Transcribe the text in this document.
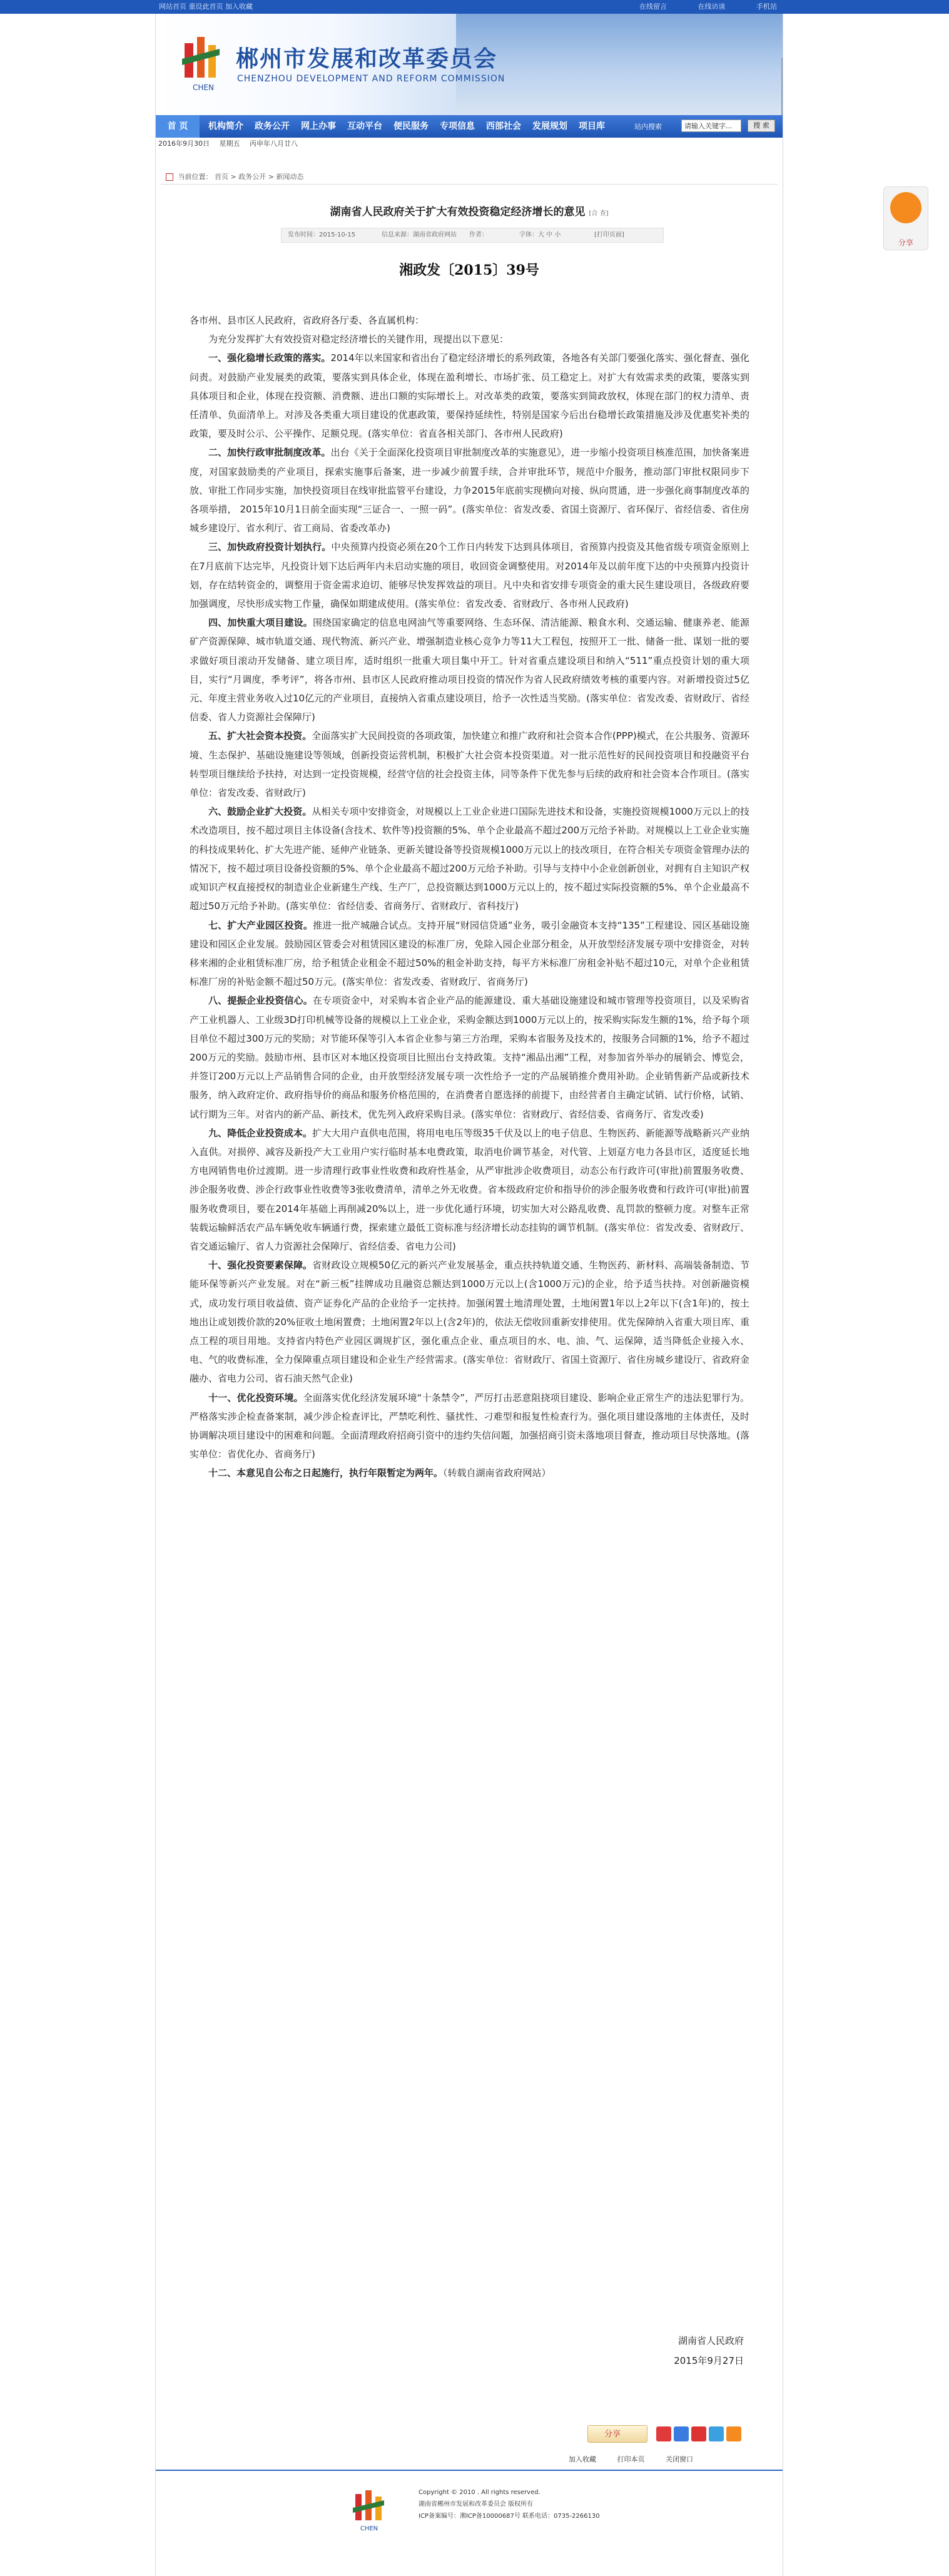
网站首页 重设此首页 加入收藏	在线留言	在线访谈	手机站
分享
CHEN
郴州市发展和改革委员会
CHENZHOU DEVELOPMENT AND REFORM COMMISSION
首 页	机构简介 政务公开 网上办事 互动平台 便民服务 专项信息 西部社会 发展规划 项目库	站内搜索	请输入关键字...	搜 索
2016年9月30日 星期五 丙申年八月廿八
当前位置： 首页 > 政务公开 > 新闻动态
湖南省人民政府关于扩大有效投资稳定经济增长的意见 [合 查]
发布时间：2015-10-15	信息来源：湖南省政府网站 作者：	字体：大 中 小	[打印页面]
湘政发〔2015〕39号

各市州、县市区人民政府，省政府各厅委、各直属机构：

为充分发挥扩大有效投资对稳定经济增长的关键作用，现提出以下意见：

一、强化稳增长政策的落实。2014年以来国家和省出台了稳定经济增长的系列政策，各地各有关部门要强化落实、强化督查、强化问责。对鼓励产业发展类的政策，要落实到具体企业，体现在盈利增长、市场扩张、员工稳定上。对扩大有效需求类的政策，要落实到具体项目和企业，体现在投资额、消费额、进出口额的实际增长上。对改革类的政策，要落实到简政放权，体现在部门的权力清单、责任清单、负面清单上。对涉及各类重大项目建设的优惠政策，要保持延续性，特别是国家今后出台稳增长政策措施及涉及优惠奖补类的政策，要及时公示、公平操作、足额兑现。(落实单位：省直各相关部门、各市州人民政府)

二、加快行政审批制度改革。出台《关于全面深化投资项目审批制度改革的实施意见》，进一步缩小投资项目核准范围，加快备案进度，对国家鼓励类的产业项目，探索实施事后备案，进一步减少前置手续，合并审批环节，规范中介服务，推动部门审批权限同步下放、审批工作同步实施，加快投资项目在线审批监管平台建设，力争2015年底前实现横向对接、纵向贯通，进一步强化商事制度改革的各项举措， 2015年10月1日前全面实现“三证合一、一照一码”。(落实单位：省发改委、省国土资源厅、省环保厅、省经信委、省住房城乡建设厅、省水利厅、省工商局、省委改革办)

三、加快政府投资计划执行。中央预算内投资必须在20个工作日内转发下达到具体项目，省预算内投资及其他省级专项资金原则上在7月底前下达完毕，凡投资计划下达后两年内未启动实施的项目，收回资金调整使用。对2014年及以前年度下达的中央预算内投资计划，存在结转资金的，调整用于资金需求迫切、能够尽快发挥效益的项目。凡中央和省安排专项资金的重大民生建设项目，各级政府要加强调度，尽快形成实物工作量，确保如期建成使用。(落实单位：省发改委、省财政厅、各市州人民政府)

四、加快重大项目建设。围绕国家确定的信息电网油气等重要网络、生态环保、清洁能源、粮食水利、交通运输、健康养老、能源矿产资源保障、城市轨道交通、现代物流、新兴产业、增强制造业核心竞争力等11大工程包，按照开工一批、储备一批、谋划一批的要求做好项目滚动开发储备、建立项目库，适时组织一批重大项目集中开工。针对省重点建设项目和纳入“511”重点投资计划的重大项目，实行“月调度，季考评”，将各市州、县市区人民政府推动项目投资的情况作为省人民政府绩效考核的重要内容。对新增投资过5亿元、年度主营业务收入过10亿元的产业项目，直接纳入省重点建设项目，给予一次性适当奖励。(落实单位：省发改委、省财政厅、省经信委、省人力资源社会保障厅)

五、扩大社会资本投资。全面落实扩大民间投资的各项政策，加快建立和推广政府和社会资本合作(PPP)模式，在公共服务、资源环境、生态保护、基础设施建设等领域，创新投资运营机制，积极扩大社会资本投资渠道。对一批示范性好的民间投资项目和投融资平台转型项目继续给予扶持，对达到一定投资规模，经营守信的社会投资主体，同等条件下优先参与后续的政府和社会资本合作项目。(落实单位：省发改委、省财政厅)

六、鼓励企业扩大投资。从相关专项中安排资金，对规模以上工业企业进口国际先进技术和设备，实施投资规模1000万元以上的技术改造项目，按不超过项目主体设备(含技术、软件等)投资额的5%、单个企业最高不超过200万元给予补助。对规模以上工业企业实施的科技成果转化、扩大先进产能、延伸产业链条、更新关键设备等投资规模1000万元以上的技改项目，在符合相关专项资金管理办法的情况下，按不超过项目设备投资额的5%、单个企业最高不超过200万元给予补助。引导与支持中小企业创新创业，对拥有自主知识产权或知识产权直接授权的制造业企业新建生产线、生产厂，总投资额达到1000万元以上的，按不超过实际投资额的5%、单个企业最高不超过50万元给予补助。(落实单位：省经信委、省商务厅、省财政厅、省科技厅)

七、扩大产业园区投资。推进一批产城融合试点。支持开展“财园信贷通”业务，吸引金融资本支持“135”工程建设、园区基础设施建设和园区企业发展。鼓励园区管委会对租赁园区建设的标准厂房，免除入园企业部分租金，从开放型经济发展专项中安排资金，对转移来湘的企业租赁标准厂房，给予租赁企业租金不超过50%的租金补助支持，每平方米标准厂房租金补贴不超过10元，对单个企业租赁标准厂房的补贴金额不超过50万元。(落实单位：省发改委、省财政厅、省商务厅)

八、提振企业投资信心。在专项资金中，对采购本省企业产品的能源建设、重大基础设施建设和城市管理等投资项目，以及采购省产工业机器人、工业级3D打印机械等设备的规模以上工业企业，采购金额达到1000万元以上的，按采购实际发生额的1%，给予每个项目单位不超过300万元的奖励；对节能环保等引入本省企业参与第三方治理，采购本省服务及技术的，按服务合同额的1%，给予不超过200万元的奖励。鼓励市州、县市区对本地区投资项目比照出台支持政策。支持“湘品出湘”工程，对参加省外举办的展销会、博览会，并签订200万元以上产品销售合同的企业，由开放型经济发展专项一次性给予一定的产品展销推介费用补助。企业销售新产品或新技术服务，纳入政府定价、政府指导价的商品和服务价格范围的，在消费者自愿选择的前提下，由经营者自主确定试销、试行价格，试销、试行期为三年。对省内的新产品、新技术，优先列入政府采购目录。(落实单位：省财政厅、省经信委、省商务厅、省发改委)

九、降低企业投资成本。扩大大用户直供电范围，将用电电压等级35千伏及以上的电子信息、生物医药、新能源等战略新兴产业纳入直供。对损停、减容及新投产大工业用户实行临时基本电费政策，取消电价调节基金，对代管、上划趸方电力各县市区，适度延长地方电网销售电价过渡期。进一步清理行政事业性收费和政府性基金，从严审批涉企收费项目，动态公布行政许可(审批)前置服务收费、涉企服务收费、涉企行政事业性收费等3张收费清单，清单之外无收费。省本级政府定价和指导价的涉企服务收费和行政许可(审批)前置服务收费项目，要在2014年基础上再削减20%以上，进一步优化通行环境，切实加大对公路乱收费、乱罚款的整顿力度。对整车正常装载运输鲜活农产品车辆免收车辆通行费，探索建立最低工资标准与经济增长动态挂钩的调节机制。(落实单位：省发改委、省财政厅、省交通运输厅、省人力资源社会保障厅、省经信委、省电力公司)

十、强化投资要素保障。省财政设立规模50亿元的新兴产业发展基金，重点扶持轨道交通、生物医药、新材料、高端装备制造、节能环保等新兴产业发展。对在“新三板”挂牌成功且融资总额达到1000万元以上(含1000万元)的企业，给予适当扶持。对创新融资模式，成功发行项目收益债、资产证券化产品的企业给予一定扶持。加强闲置土地清理处置，土地闲置1年以上2年以下(含1年)的，按土地出让或划拨价款的20%征收土地闲置费；土地闲置2年以上(含2年)的，依法无偿收回重新安排使用。优先保障纳入省重大项目库、重点工程的项目用地。支持省内特色产业园区调规扩区，强化重点企业、重点项目的水、电、油、气、运保障，适当降低企业接入水、电、气的收费标准，全力保障重点项目建设和企业生产经营需求。(落实单位：省财政厅、省国土资源厅、省住房城乡建设厅、省政府金融办、省电力公司、省石油天然气企业)

十一、优化投资环境。全面落实优化经济发展环境“十条禁令”，严厉打击恶意阻挠项目建设、影响企业正常生产的违法犯罪行为。严格落实涉企检查备案制，减少涉企检查评比，严禁吃利性、骚扰性、刁难型和报复性检查行为。强化项目建设落地的主体责任，及时协调解决项目建设中的困难和问题。全面清理政府招商引资中的违约失信问题，加强招商引资未落地项目督查，推动项目尽快落地。(落实单位：省优化办、省商务厅)

十二、本意见自公布之日起施行，执行年限暂定为两年。（转载自湖南省政府网站）

湖南省人民政府
2015年9月27日
分享
加入收藏	打印本页	关闭窗口
CHEN
Copyright © 2010 . All rights reserved.
湖南省郴州市发展和改革委员会 版权所有
ICP备案编号：湘ICP备10000687号 联系电话：0735-2266130
